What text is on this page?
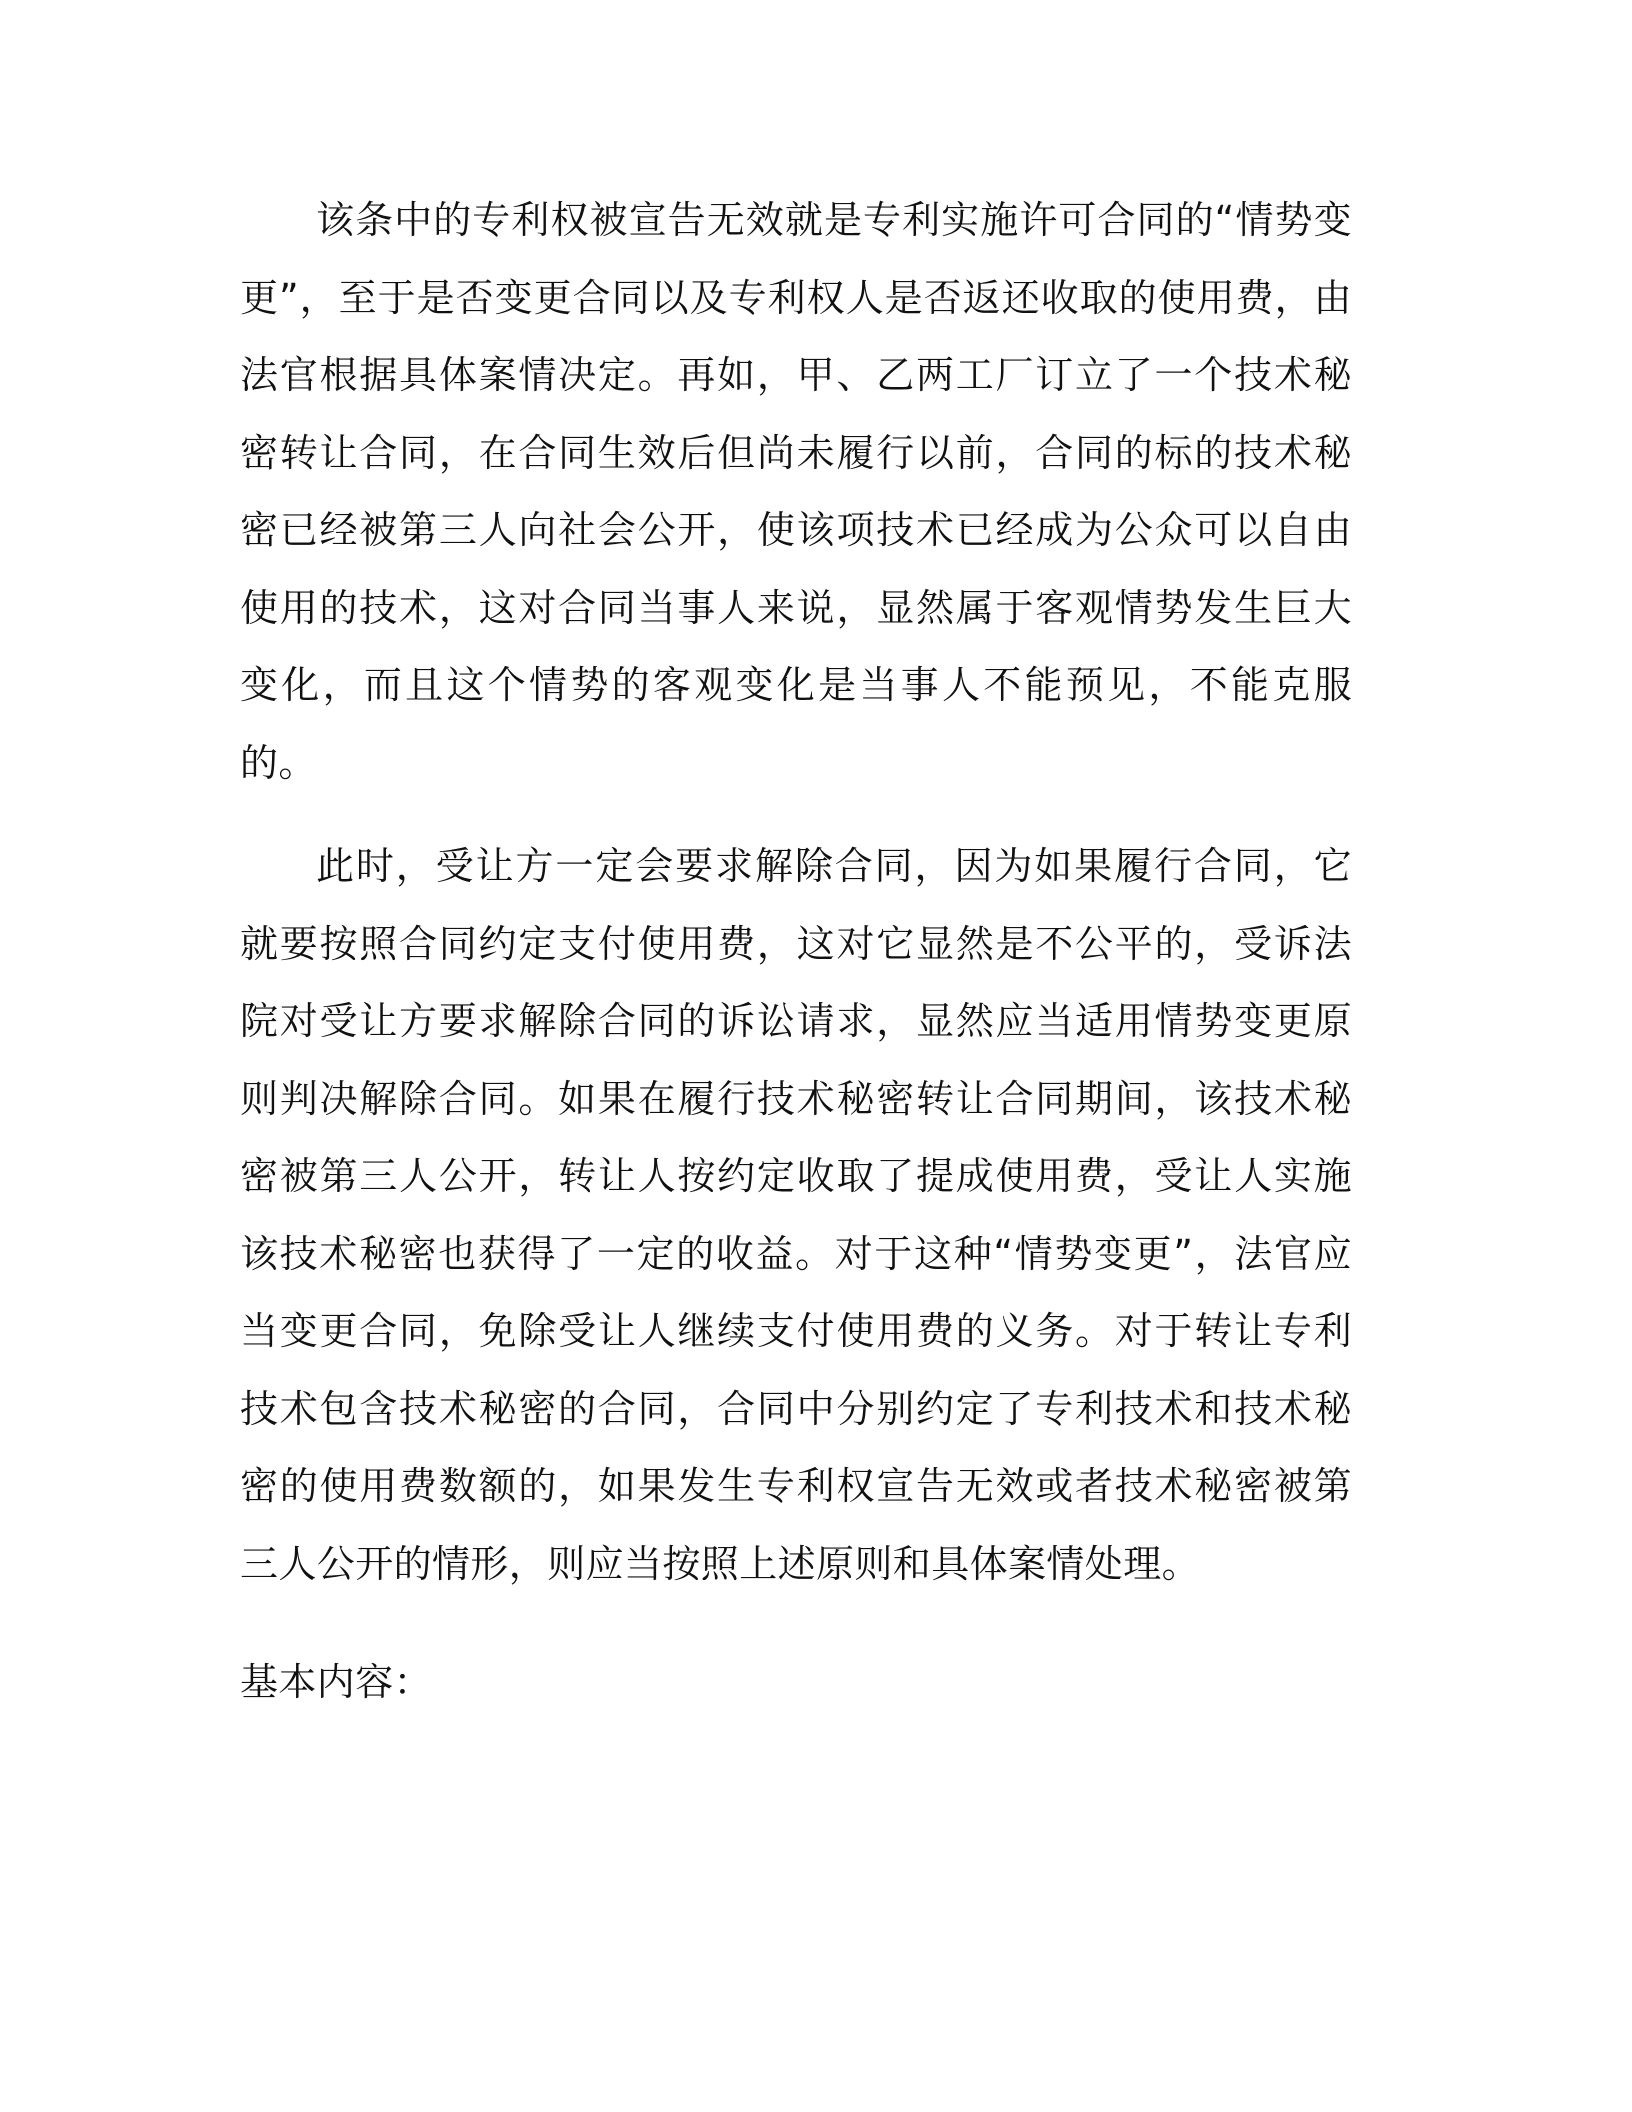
该条中的专利权被宣告无效就是专利实施许可合同的“情势变更”，至于是否变更合同以及专利权人是否返还收取的使用费，由法官根据具体案情决定。再如，甲、乙两工厂订立了一个技术秘密转让合同，在合同生效后但尚未履行以前，合同的标的技术秘密已经被第三人向社会公开，使该项技术已经成为公众可以自由使用的技术，这对合同当事人来说，显然属于客观情势发生巨大变化，而且这个情势的客观变化是当事人不能预见，不能克服的。

此时，受让方一定会要求解除合同，因为如果履行合同，它就要按照合同约定支付使用费，这对它显然是不公平的，受诉法院对受让方要求解除合同的诉讼请求，显然应当适用情势变更原则判决解除合同。如果在履行技术秘密转让合同期间，该技术秘密被第三人公开，转让人按约定收取了提成使用费，受让人实施该技术秘密也获得了一定的收益。对于这种“情势变更”，法官应当变更合同，免除受让人继续支付使用费的义务。对于转让专利技术包含技术秘密的合同，合同中分别约定了专利技术和技术秘密的使用费数额的，如果发生专利权宣告无效或者技术秘密被第三人公开的情形，则应当按照上述原则和具体案情处理。

基本内容：
